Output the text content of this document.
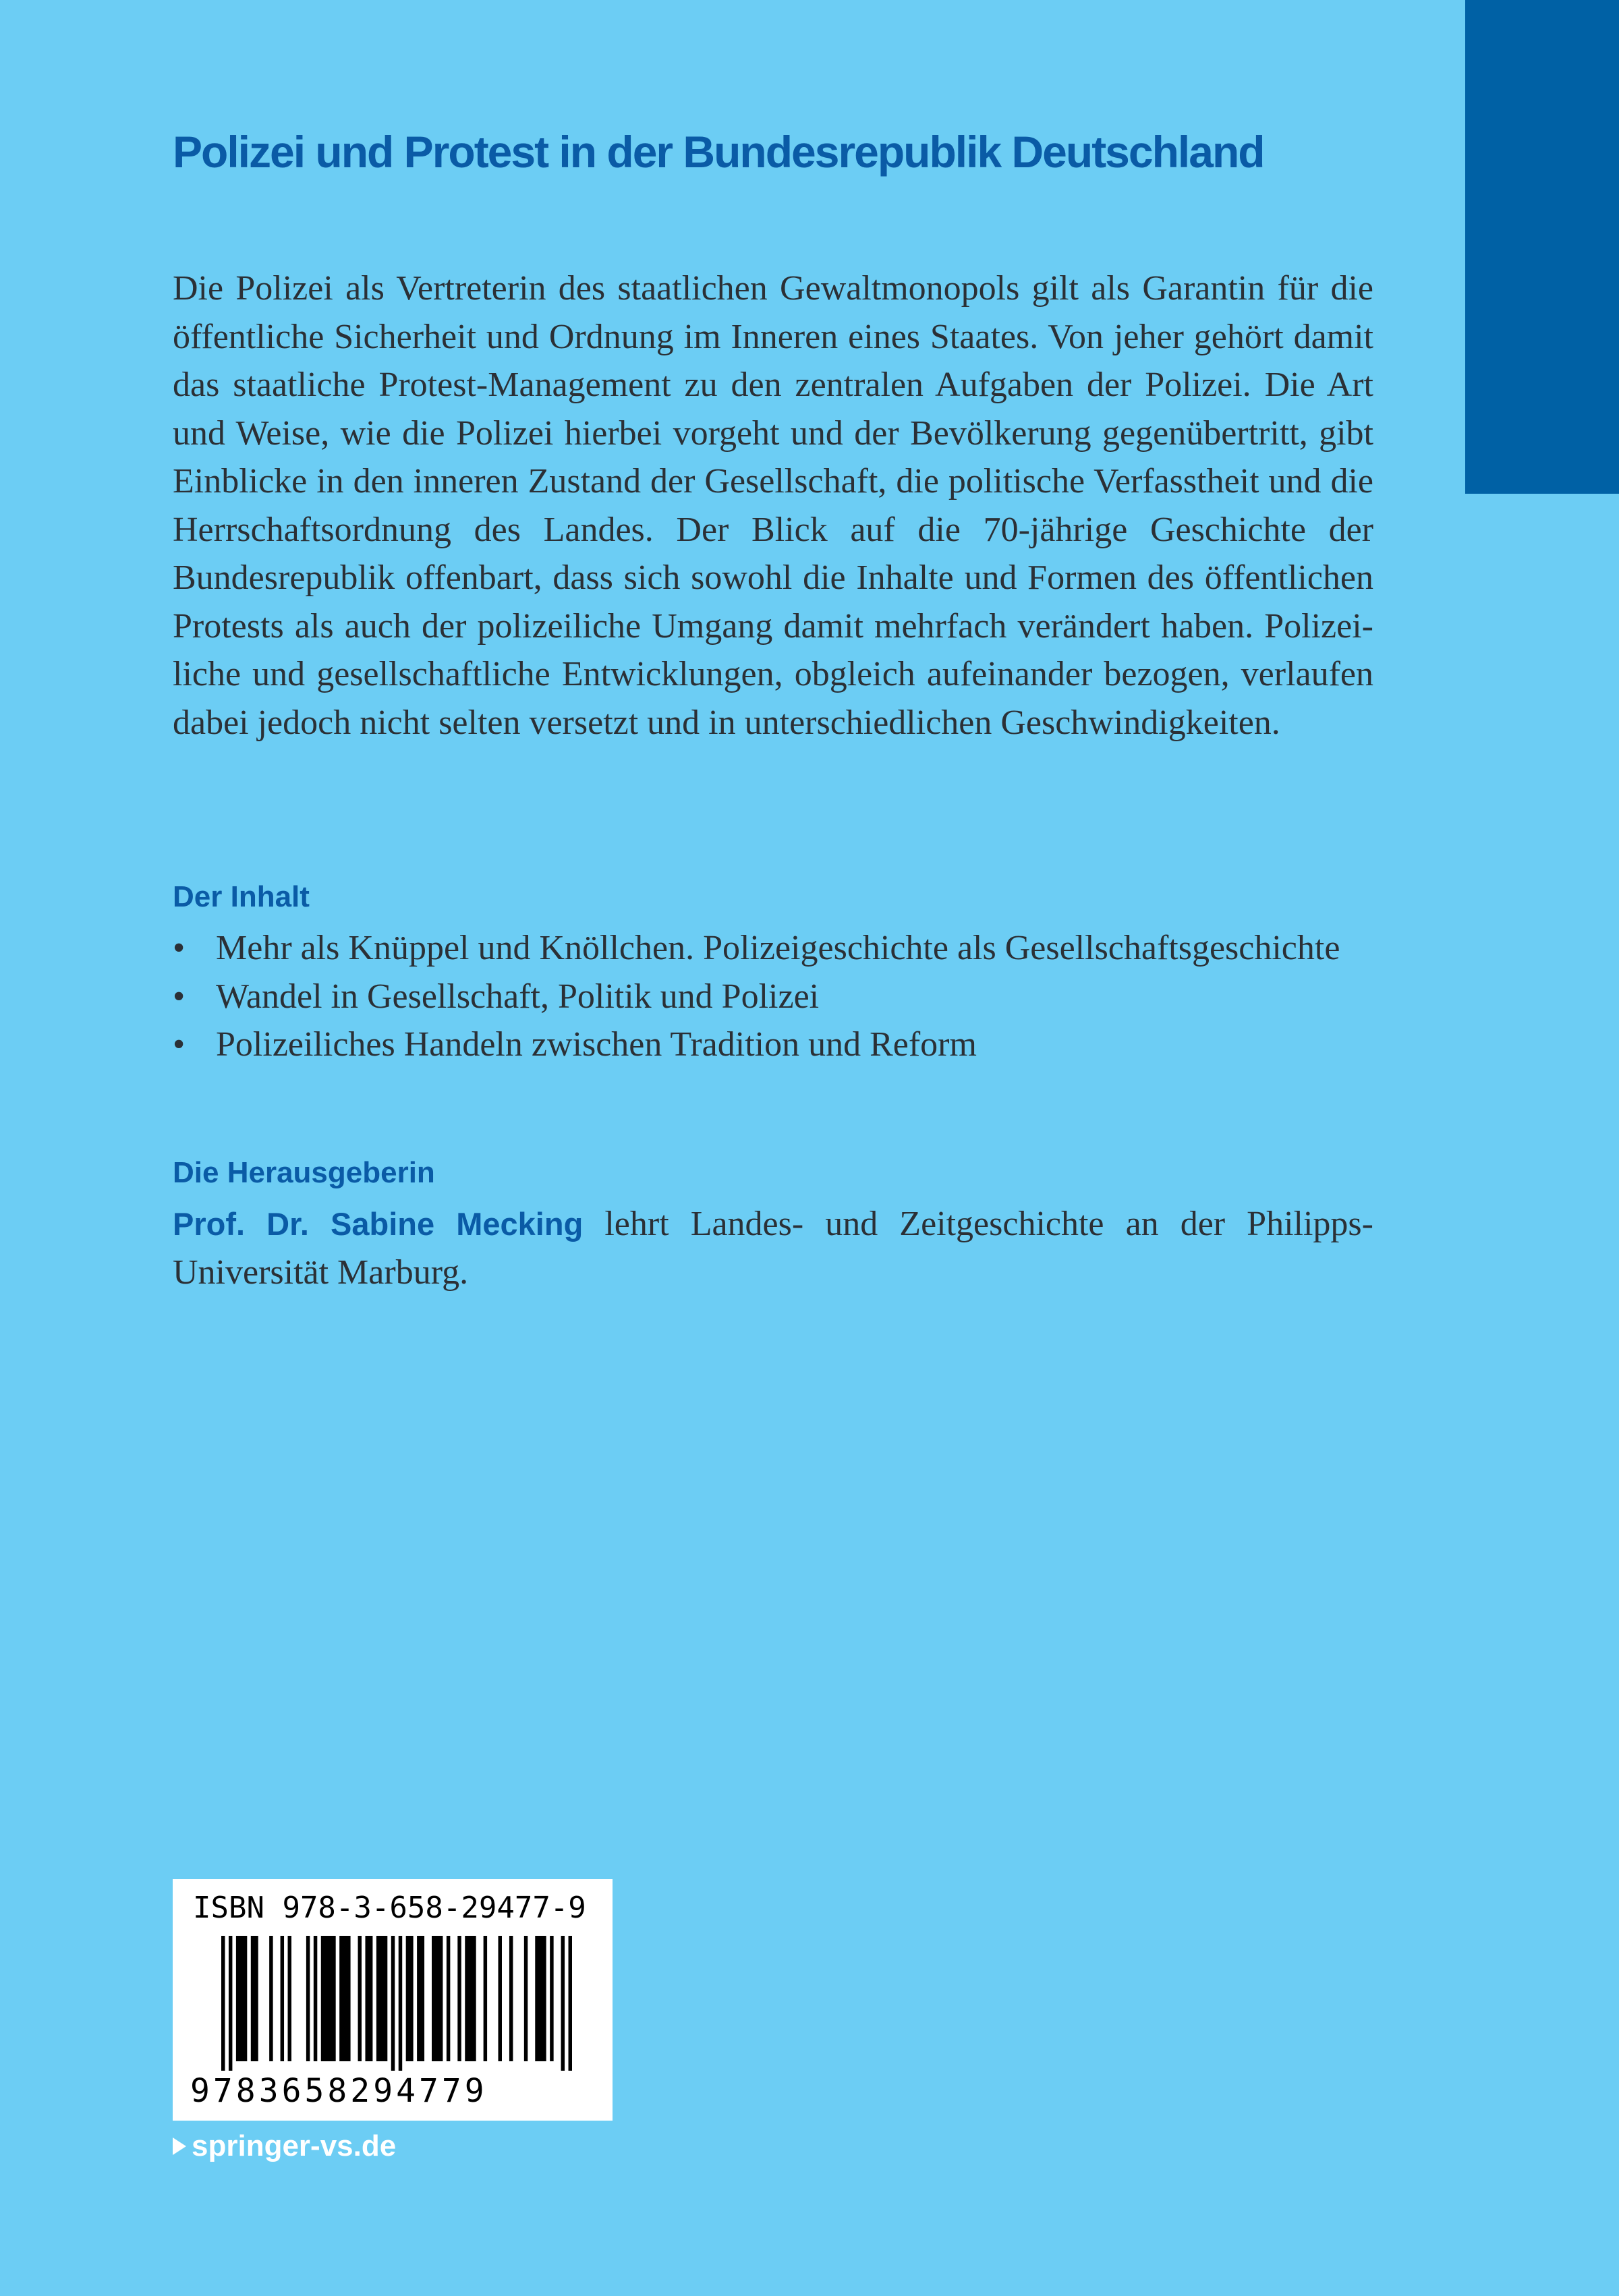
Polizei und Protest in der Bundesrepublik Deutschland

Die Polizei als Vertreterin des staatlichen Gewaltmonopols gilt als Garantin für die öffentliche Sicherheit und Ordnung im Inneren eines Staates. Von jeher gehört damit das staatliche Protest-Management zu den zentralen Aufgaben der Polizei. Die Art und Weise, wie die Polizei hierbei vorgeht und der Bevölkerung gegenübertritt, gibt Einblicke in den inneren Zustand der Gesellschaft, die politische Verfasstheit und die Herrschaftsordnung des Landes. Der Blick auf die 70-jährige Geschichte der Bundesrepublik offenbart, dass sich sowohl die Inhalte und Formen des öffentlichen Protests als auch der polizeiliche Umgang damit mehrfach verändert haben. Polizeiliche und gesellschaftliche Entwicklungen, obgleich aufeinander bezogen, verlaufen dabei jedoch nicht selten versetzt und in unterschiedlichen Geschwindigkeiten.

Der Inhalt
• Mehr als Knüppel und Knöllchen. Polizeigeschichte als Gesellschaftsgeschichte
• Wandel in Gesellschaft, Politik und Polizei
• Polizeiliches Handeln zwischen Tradition und Reform
Die Herausgeberin

Prof. Dr. Sabine Mecking lehrt Landes- und Zeitgeschichte an der Philipps-Universität Marburg.

ISBN 978-3-658-29477-9
9783658294779
springer-vs.de
